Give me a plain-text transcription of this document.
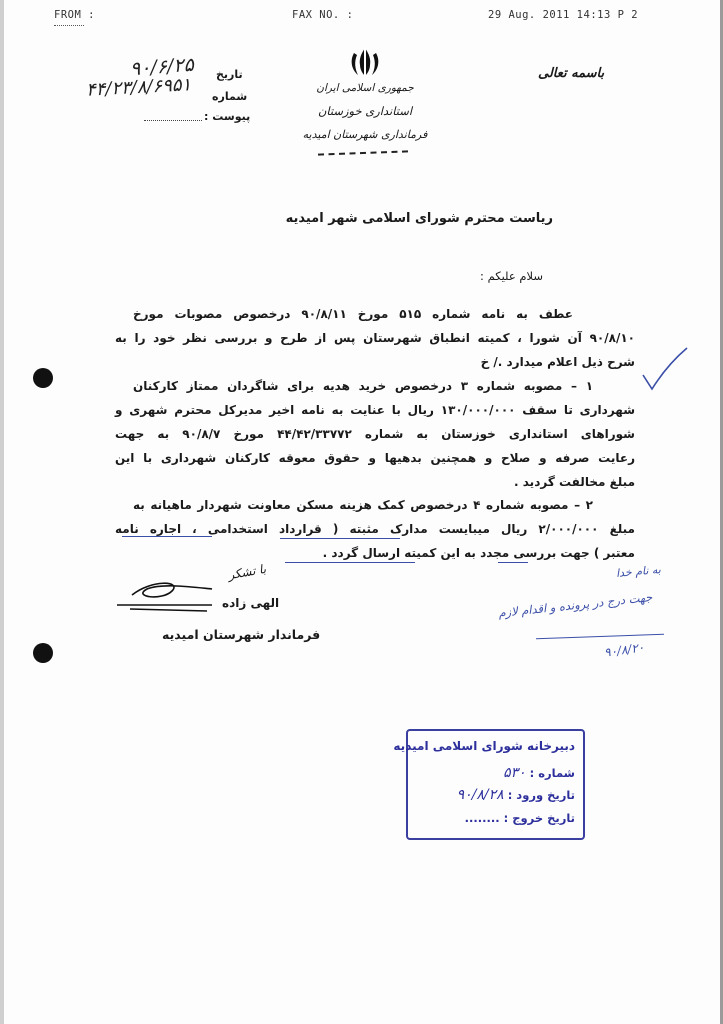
FROM :	FAX NO. :	29 Aug. 2011 14:13 P 2
باسمه تعالی
جمهوری اسلامی ایران
استانداری خوزستان
فرمانداری شهرستان امیدیه
تاریخ
۹۰/۶/۲۵
شماره
۴۴/۲۳/۸/۶۹۵۱
پیوست :
ریاست محترم شورای اسلامی شهر امیدیه
سلام علیکم :
عطف به نامه شماره ۵۱۵ مورخ ۹۰/۸/۱۱ درخصوص مصوبات مورخ
۹۰/۸/۱۰ آن شورا ، کمیته انطباق شهرستان پس از طرح و بررسی نظر خود را به
شرح ذیل اعلام میدارد ./ خ
۱ – مصوبه شماره ۳ درخصوص خرید هدیه برای شاگردان ممتاز کارکنان
شهرداری تا سقف ۱۳۰/۰۰۰/۰۰۰ ریال با عنایت به نامه اخیر مدیرکل محترم شهری و
شوراهای استانداری خوزستان به شماره ۴۴/۴۲/۳۳۷۷۲ مورخ ۹۰/۸/۷ به جهت
رعایت صرفه و صلاح و همچنین بدهیها و حقوق معوقه کارکنان شهرداری با این
مبلغ مخالفت گردید .
۲ – مصوبه شماره ۴ درخصوص کمک هزینه مسکن معاونت شهردار ماهیانه به
مبلغ ۲/۰۰۰/۰۰۰ ریال میبایست مدارک مثبته ( قرارداد استخدامی ، اجاره نامه
معتبر ) جهت بررسی مجدد به این کمیته ارسال گردد .
با تشکر
الهی زاده
فرماندار شهرستان امیدیه
به نام خدا
جهت درج در پرونده و اقدام لازم
۹۰/۸/۲۰
دبیرخانه شورای اسلامی امیدیه
شماره : ۵۳۰
تاریخ ورود : ۹۰/۸/۲۸
تاریخ خروج : ........
